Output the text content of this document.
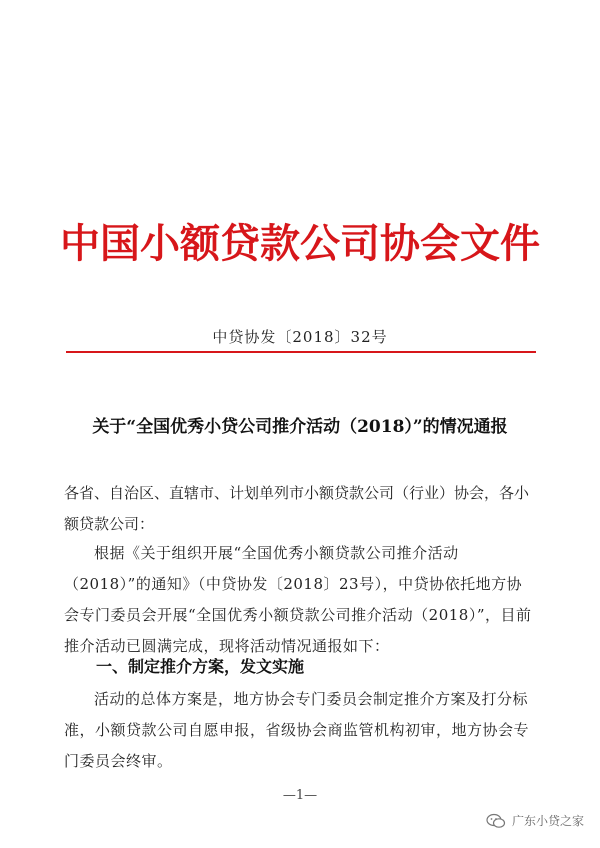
中国小额贷款公司协会文件
中贷协发〔2018〕32号
关于“全国优秀小贷公司推介活动（2018）”的情况通报
各省、自治区、直辖市、计划单列市小额贷款公司（行业）协会，各小额贷款公司：
根据《关于组织开展“全国优秀小额贷款公司推介活动（2018）”的通知》（中贷协发〔2018〕23号），中贷协依托地方协会专门委员会开展“全国优秀小额贷款公司推介活动（2018）”，目前推介活动已圆满完成，现将活动情况通报如下：
一、制定推介方案，发文实施
活动的总体方案是，地方协会专门委员会制定推介方案及打分标准，小额贷款公司自愿申报，省级协会商监管机构初审，地方协会专门委员会终审。
—1—
广东小贷之家
